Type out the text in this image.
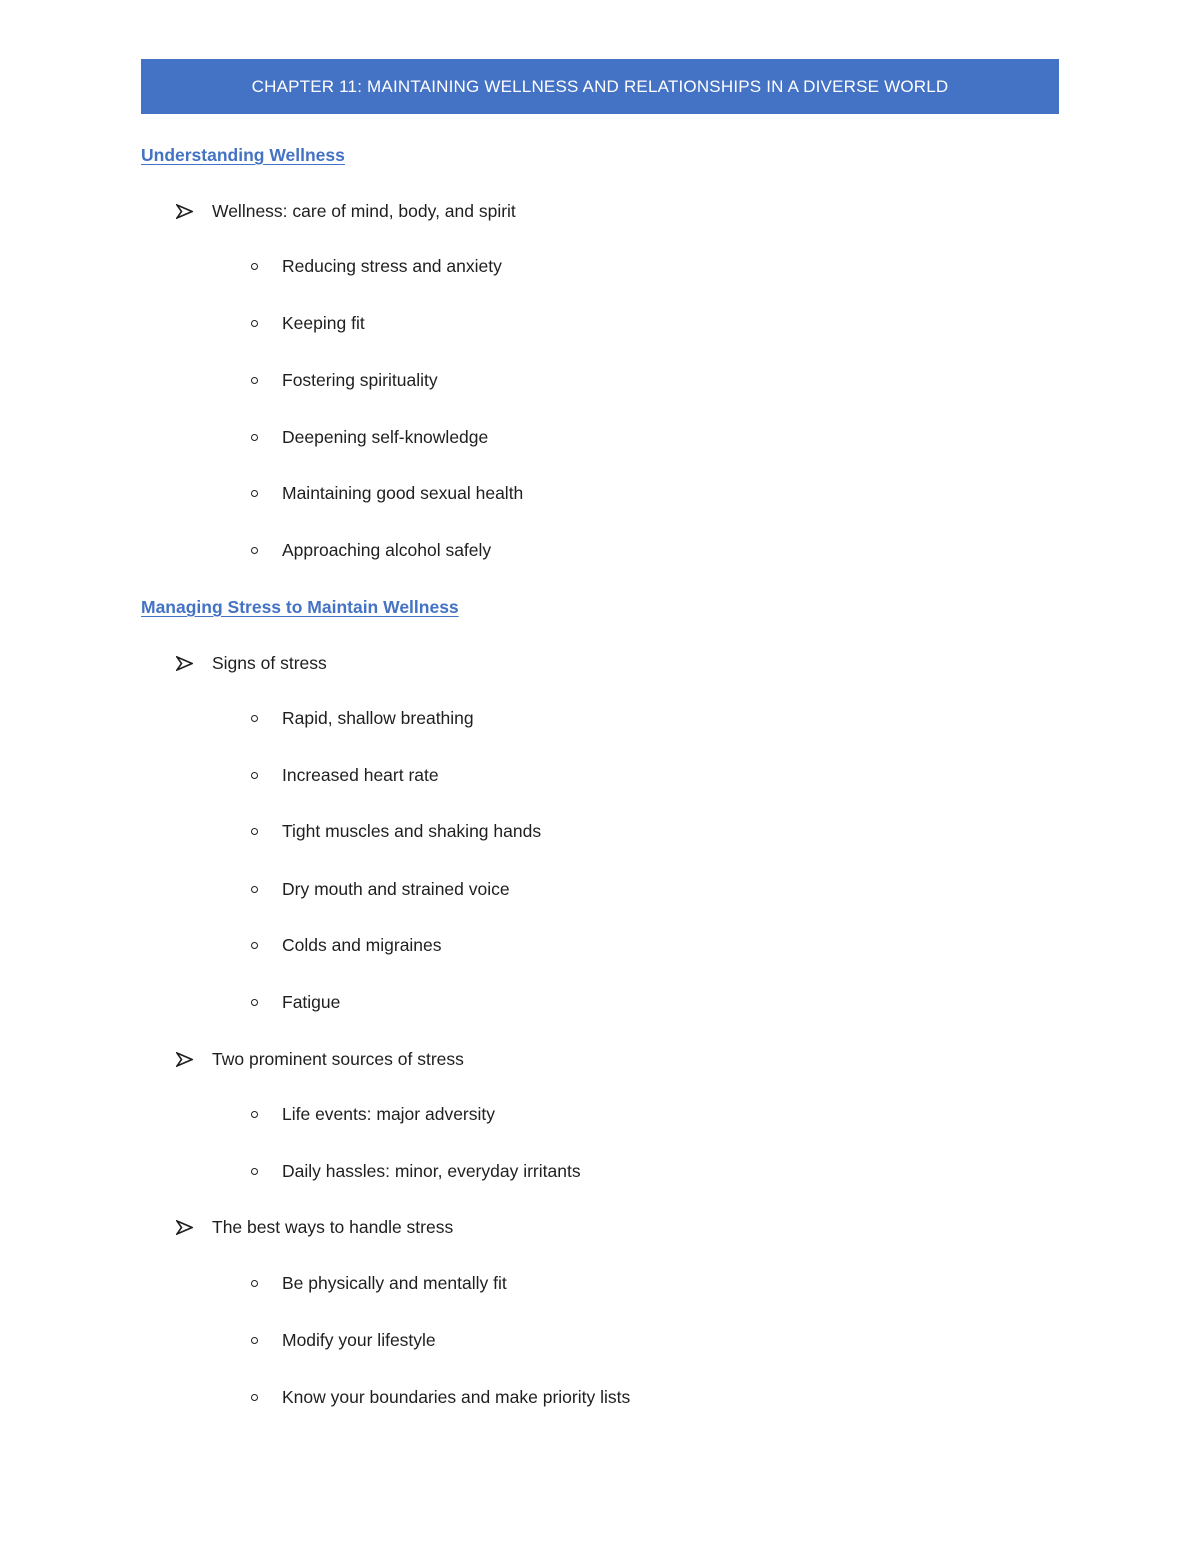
CHAPTER 11: MAINTAINING WELLNESS AND RELATIONSHIPS IN A DIVERSE WORLD
Understanding Wellness
Wellness: care of mind, body, and spirit
Reducing stress and anxiety
Keeping fit
Fostering spirituality
Deepening self-knowledge
Maintaining good sexual health
Approaching alcohol safely
Managing Stress to Maintain Wellness
Signs of stress
Rapid, shallow breathing
Increased heart rate
Tight muscles and shaking hands
Dry mouth and strained voice
Colds and migraines
Fatigue
Two prominent sources of stress
Life events: major adversity
Daily hassles: minor, everyday irritants
The best ways to handle stress
Be physically and mentally fit
Modify your lifestyle
Know your boundaries and make priority lists
